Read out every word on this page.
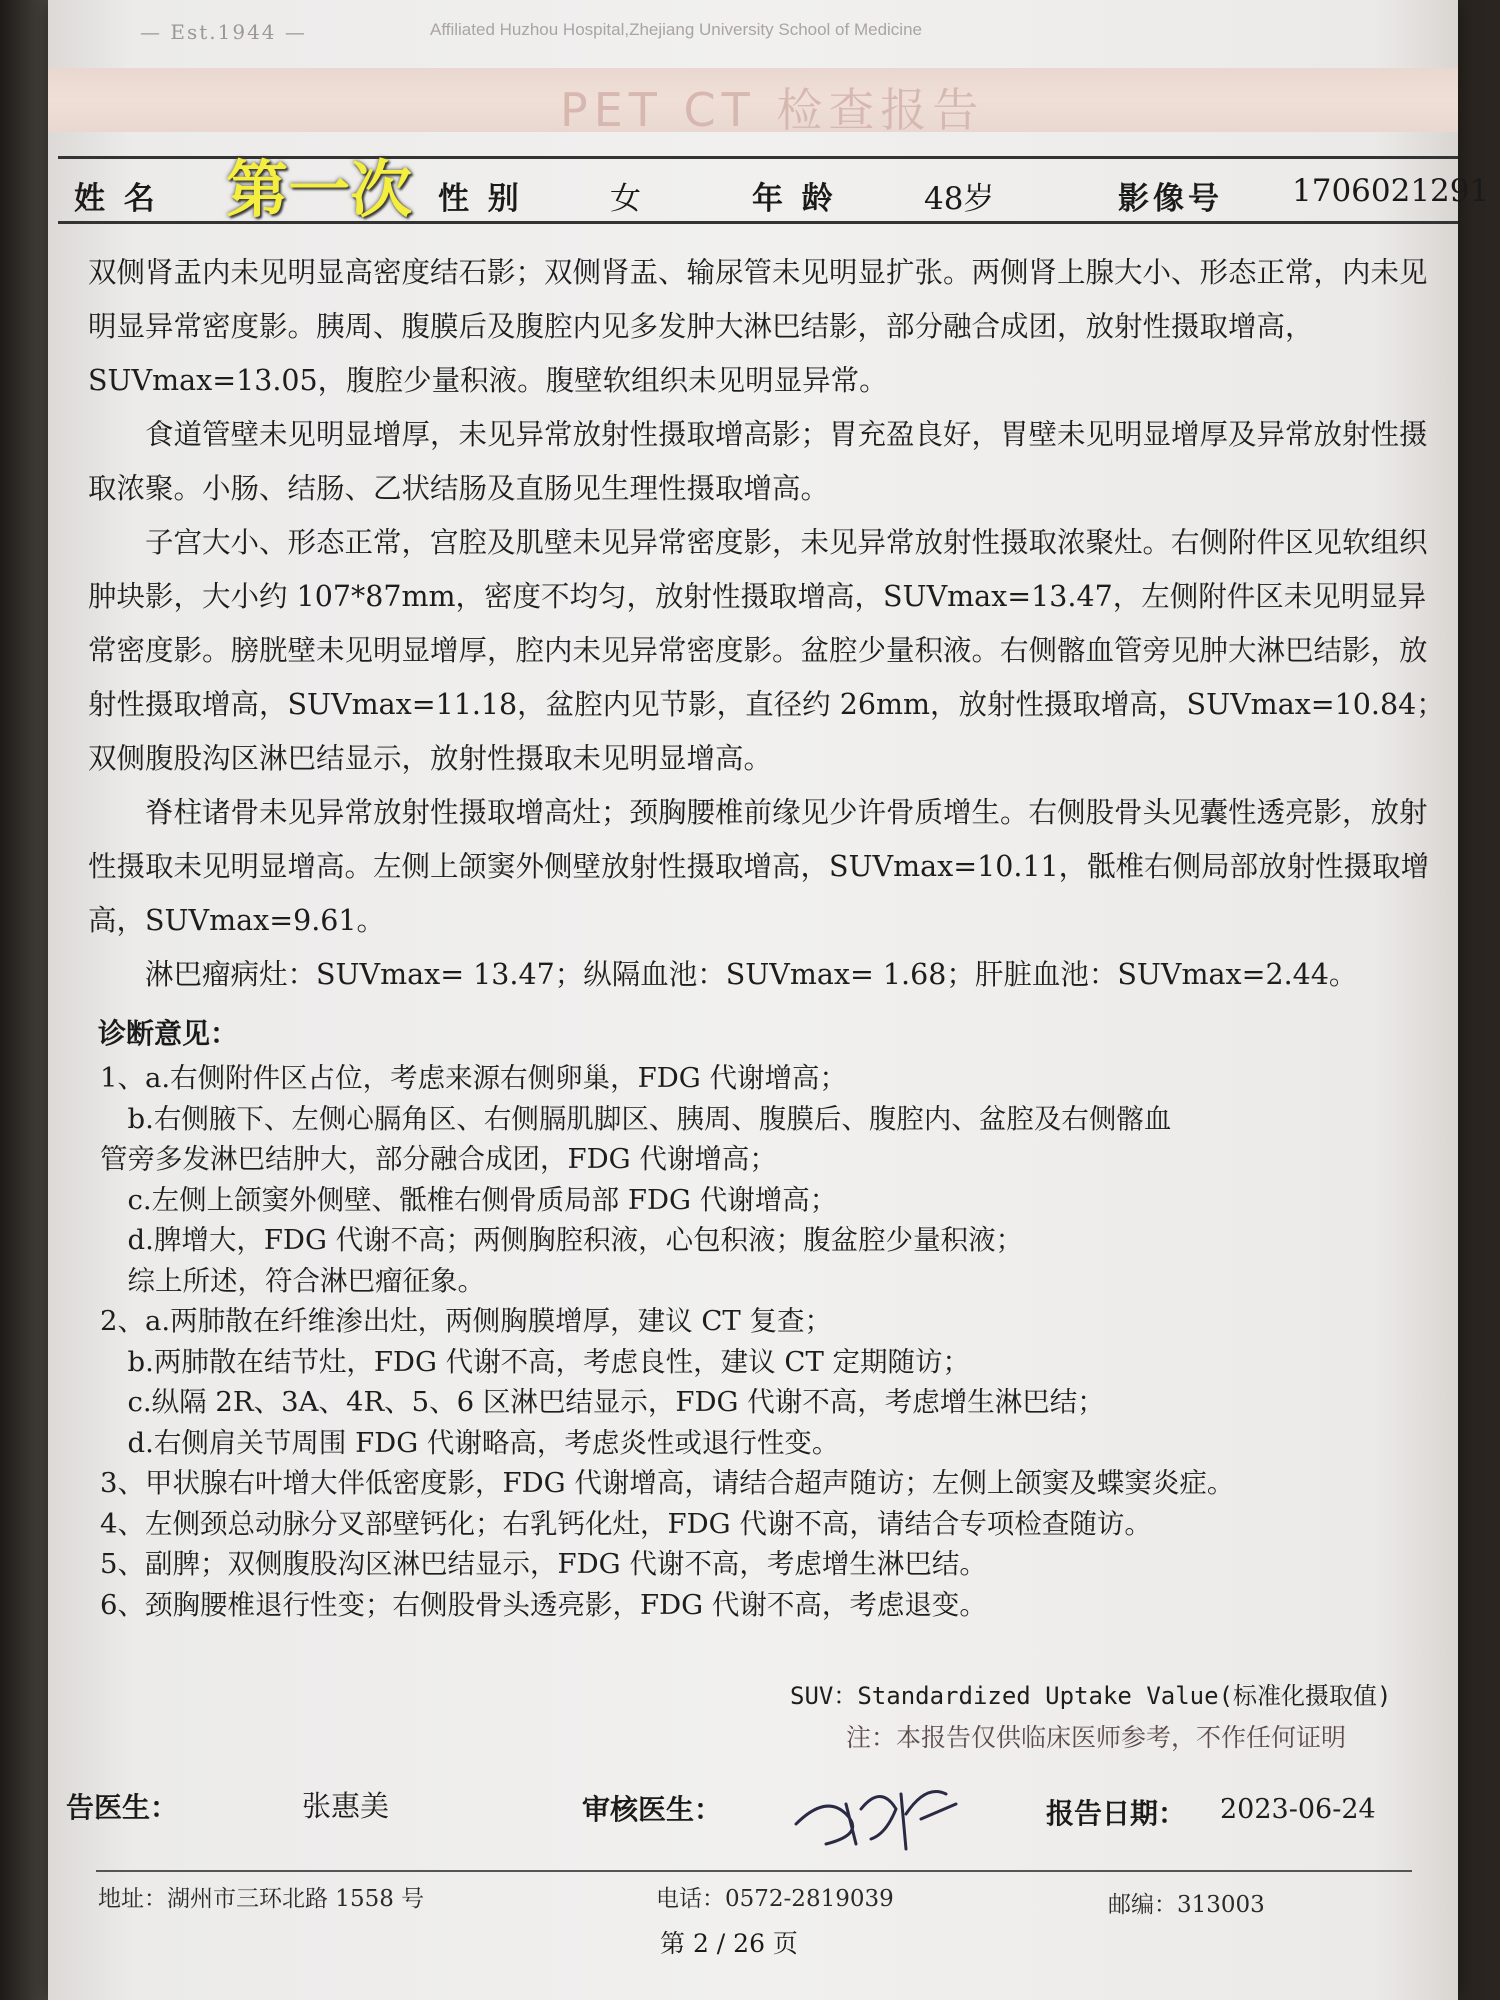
— Est.1944 —	Affiliated Huzhou Hospital,Zhejiang University School of Medicine
PET CT 检查报告
姓 名	性 别	女	年 龄	48岁	影像号 1706021291
第一次

双侧肾盂内未见明显高密度结石影；双侧肾盂、输尿管未见明显扩张。两侧肾上腺大小、形态正常，内未见明显异常密度影。胰周、腹膜后及腹腔内见多发肿大淋巴结影，部分融合成团，放射性摄取增高，SUVmax=13.05，腹腔少量积液。腹壁软组织未见明显异常。

食道管壁未见明显增厚，未见异常放射性摄取增高影；胃充盈良好，胃壁未见明显增厚及异常放射性摄取浓聚。小肠、结肠、乙状结肠及直肠见生理性摄取增高。

子宫大小、形态正常，宫腔及肌壁未见异常密度影，未见异常放射性摄取浓聚灶。右侧附件区见软组织肿块影，大小约 107*87mm，密度不均匀，放射性摄取增高，SUVmax=13.47，左侧附件区未见明显异常密度影。膀胱壁未见明显增厚，腔内未见异常密度影。盆腔少量积液。右侧髂血管旁见肿大淋巴结影，放射性摄取增高，SUVmax=11.18，盆腔内见节影，直径约 26mm，放射性摄取增高，SUVmax=10.84；双侧腹股沟区淋巴结显示，放射性摄取未见明显增高。

脊柱诸骨未见异常放射性摄取增高灶；颈胸腰椎前缘见少许骨质增生。右侧股骨头见囊性透亮影，放射性摄取未见明显增高。左侧上颌窦外侧壁放射性摄取增高，SUVmax=10.11，骶椎右侧局部放射性摄取增高，SUVmax=9.61。

淋巴瘤病灶：SUVmax= 13.47；纵隔血池：SUVmax= 1.68；肝脏血池：SUVmax=2.44。

诊断意见：
1、a.右侧附件区占位，考虑来源右侧卵巢，FDG 代谢增高；
　b.右侧腋下、左侧心膈角区、右侧膈肌脚区、胰周、腹膜后、腹腔内、盆腔及右侧髂血
管旁多发淋巴结肿大，部分融合成团，FDG 代谢增高；
　c.左侧上颌窦外侧壁、骶椎右侧骨质局部 FDG 代谢增高；
　d.脾增大，FDG 代谢不高；两侧胸腔积液，心包积液；腹盆腔少量积液；
　综上所述，符合淋巴瘤征象。
2、a.两肺散在纤维渗出灶，两侧胸膜增厚，建议 CT 复查；
　b.两肺散在结节灶，FDG 代谢不高，考虑良性，建议 CT 定期随访；
　c.纵隔 2R、3A、4R、5、6 区淋巴结显示，FDG 代谢不高，考虑增生淋巴结；
　d.右侧肩关节周围 FDG 代谢略高，考虑炎性或退行性变。
3、甲状腺右叶增大伴低密度影，FDG 代谢增高，请结合超声随访；左侧上颌窦及蝶窦炎症。
4、左侧颈总动脉分叉部壁钙化；右乳钙化灶，FDG 代谢不高，请结合专项检查随访。
5、副脾；双侧腹股沟区淋巴结显示，FDG 代谢不高，考虑增生淋巴结。
6、颈胸腰椎退行性变；右侧股骨头透亮影，FDG 代谢不高，考虑退变。
SUV：Standardized Uptake Value(标准化摄取值)
注：本报告仅供临床医师参考，不作任何证明
告医生：	张惠美	审核医生：	报告日期： 2023-06-24
地址：湖州市三环北路 1558 号	电话：0572-2819039	邮编：313003
第 2 / 26 页
